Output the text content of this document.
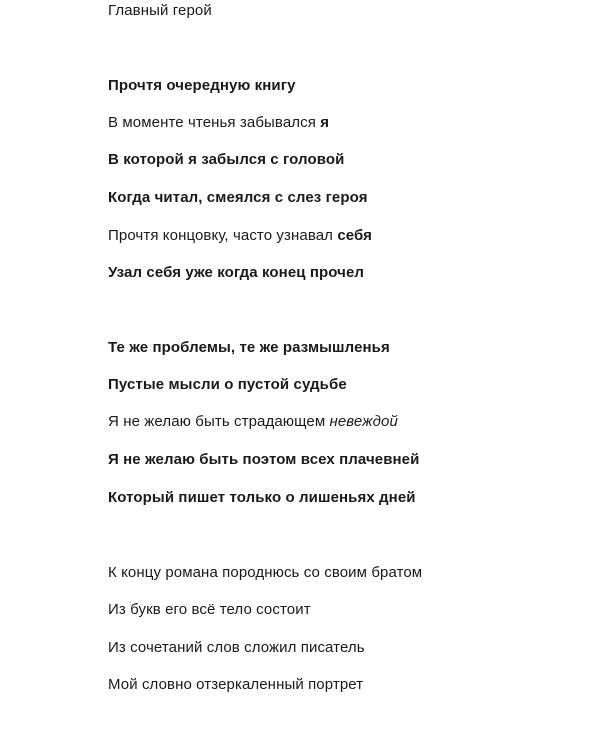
Главный герой
Прочтя очередную книгу
В моменте чтенья забывался я
В которой я забылся с головой
Когда читал, смеялся с слез героя
Прочтя концовку, часто узнавал себя
Узал себя уже когда конец прочел
Те же проблемы, те же размышленья
Пустые мысли о пустой судьбе
Я не желаю быть страдающем невеждой
Я не желаю быть поэтом всех плачевней
Который пишет только о лишеньях дней
К концу романа породнюсь со своим братом
Из букв его всё тело состоит
Из сочетаний слов сложил писатель
Мой словно отзеркаленный портрет
